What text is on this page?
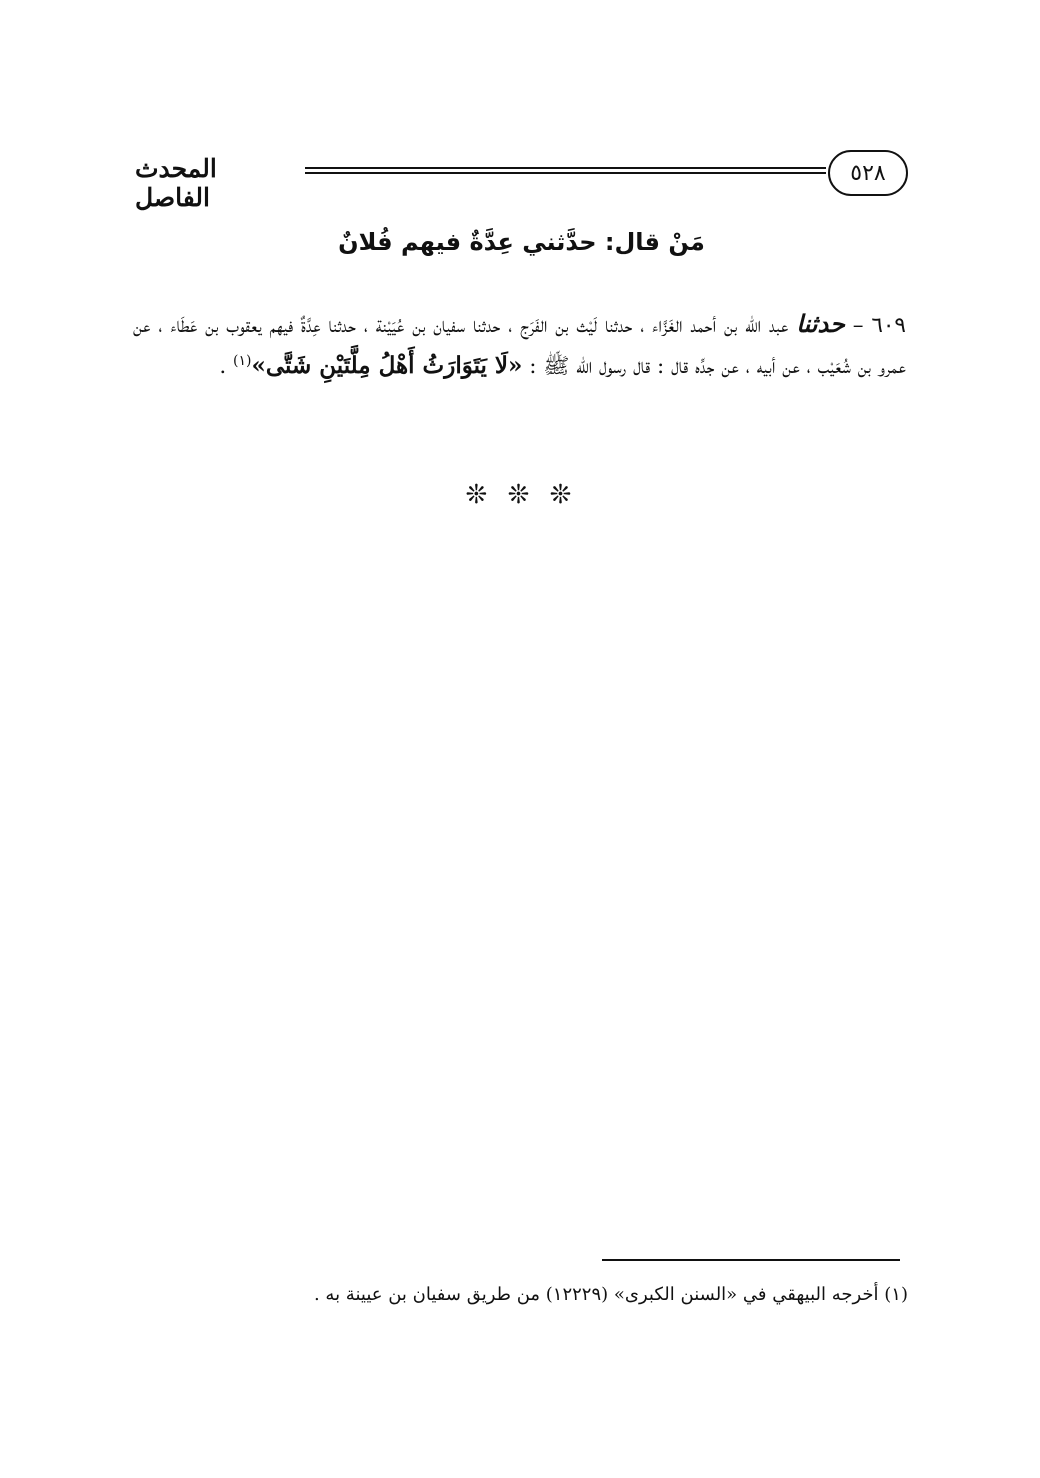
٥٢٨
المحدث الفاصل
مَنْ قال: حدَّثني عِدَّةٌ فيهم فُلانٌ
٦٠٩ – حدثنا عبد الله بن أحمد الغَزَّاء ، حدثنا لَيْث بن الفَرَج ، حدثنا سفيان بن عُيَيْنة ، حدثنا عِدَّةٌ فيهم يعقوب بن عَطَاء ، عن عمرو بن شُعَيْب ، عن أبيه ، عن جدِّه قال : قال رسول الله ﷺ : «لَا يَتَوَارَثُ أَهْلُ مِلَّتَيْنِ شَتَّى»$^{(١)}$ .
❊ ❊ ❊
(١) أخرجه البيهقي في «السنن الكبرى» (١٢٢٢٩) من طريق سفيان بن عيينة به .
